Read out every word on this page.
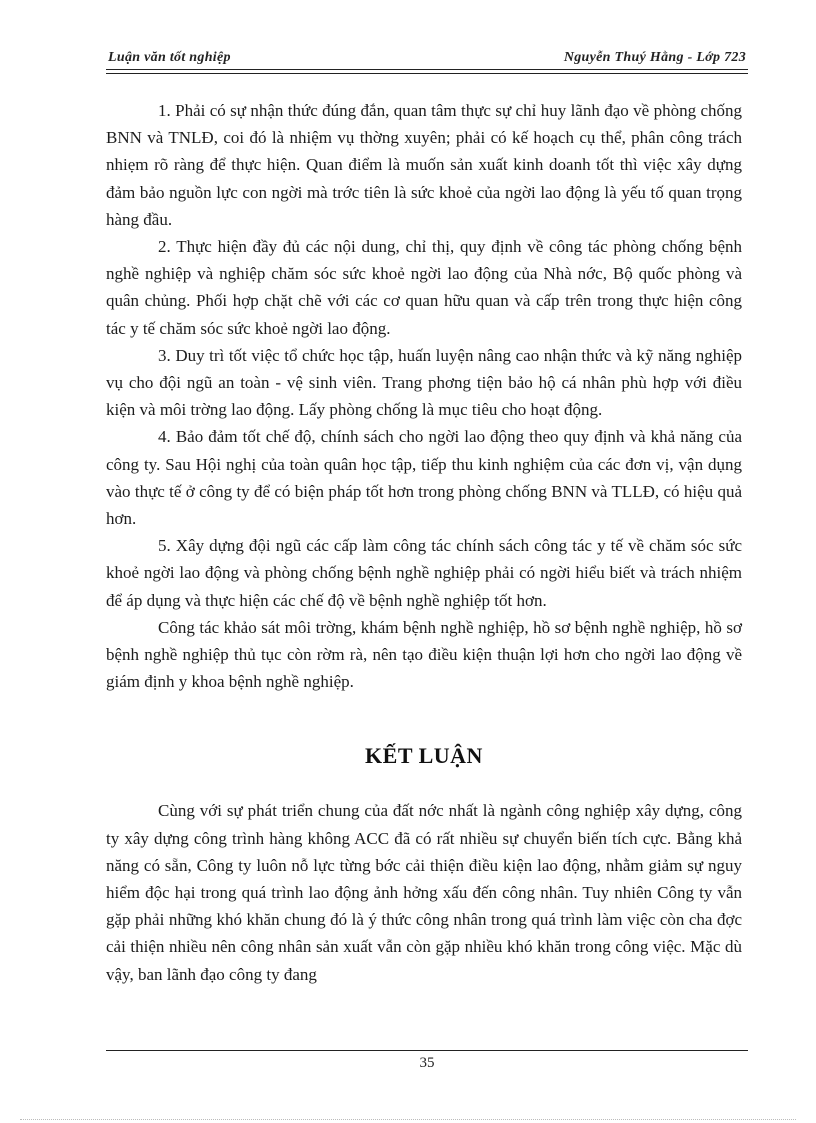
Luận văn tốt nghiệp	Nguyễn Thuý Hằng - Lớp 723

1. Phải có sự nhận thức đúng đắn, quan tâm thực sự chỉ huy lãnh đạo về phòng chống BNN và TNLĐ, coi đó là nhiệm vụ thờng xuyên; phải có kế hoạch cụ thể, phân công trách nhiẹm rõ ràng để thực hiện. Quan điểm là muốn sản xuất kinh doanh tốt thì việc xây dựng đảm bảo nguồn lực con ngời mà trớc tiên là sức khoẻ của ngời lao động là yếu tố quan trọng hàng đầu.

2. Thực hiện đầy đủ các nội dung, chỉ thị, quy định về công tác phòng chống bệnh nghề nghiệp và nghiệp chăm sóc sức khoẻ ngời lao động của Nhà nớc, Bộ quốc phòng và quân chủng. Phối hợp chặt chẽ với các cơ quan hữu quan và cấp trên trong thực hiện công tác y tế chăm sóc sức khoẻ ngời lao động.

3. Duy trì tốt việc tổ chức học tập, huấn luyện nâng cao nhận thức và kỹ năng nghiệp vụ cho đội ngũ an toàn - vệ sinh viên. Trang phơng tiện bảo hộ cá nhân phù hợp với điều kiện và môi trờng lao động. Lấy phòng chống là mục tiêu cho hoạt động.

4. Bảo đảm tốt chế độ, chính sách cho ngời lao động theo quy định và khả năng của công ty. Sau Hội nghị của toàn quân học tập, tiếp thu kinh nghiệm của các đơn vị, vận dụng vào thực tế ở công ty để có biện pháp tốt hơn trong phòng chống BNN và TLLĐ, có hiệu quả hơn.

5. Xây dựng đội ngũ các cấp làm công tác chính sách công tác y tế về chăm sóc sức khoẻ ngời lao động và phòng chống bệnh nghề nghiệp phải có ngời hiểu biết và trách nhiệm để áp dụng và thực hiện các chế độ về bệnh nghề nghiệp tốt hơn.

Công tác khảo sát môi trờng, khám bệnh nghề nghiệp, hồ sơ bệnh nghề nghiệp, hồ sơ bệnh nghề nghiệp thủ tục còn rờm rà, nên tạo điều kiện thuận lợi hơn cho ngời lao động về giám định y khoa bệnh nghề nghiệp.

KẾT LUẬN

Cùng với sự phát triển chung của đất nớc nhất là ngành công nghiệp xây dựng, công ty xây dựng công trình hàng không ACC đã có rất nhiều sự chuyển biến tích cực. Bằng khả năng có sẵn, Công ty luôn nỗ lực từng bớc cải thiện điều kiện lao động, nhằm giảm sự nguy hiểm độc hại trong quá trình lao động ảnh hởng xấu đến công nhân. Tuy nhiên Công ty vẫn gặp phải những khó khăn chung đó là ý thức công nhân trong quá trình làm việc còn cha đợc cải thiện nhiều nên công nhân sản xuất vẫn còn gặp nhiều khó khăn trong công việc. Mặc dù vậy, ban lãnh đạo công ty đang

35
